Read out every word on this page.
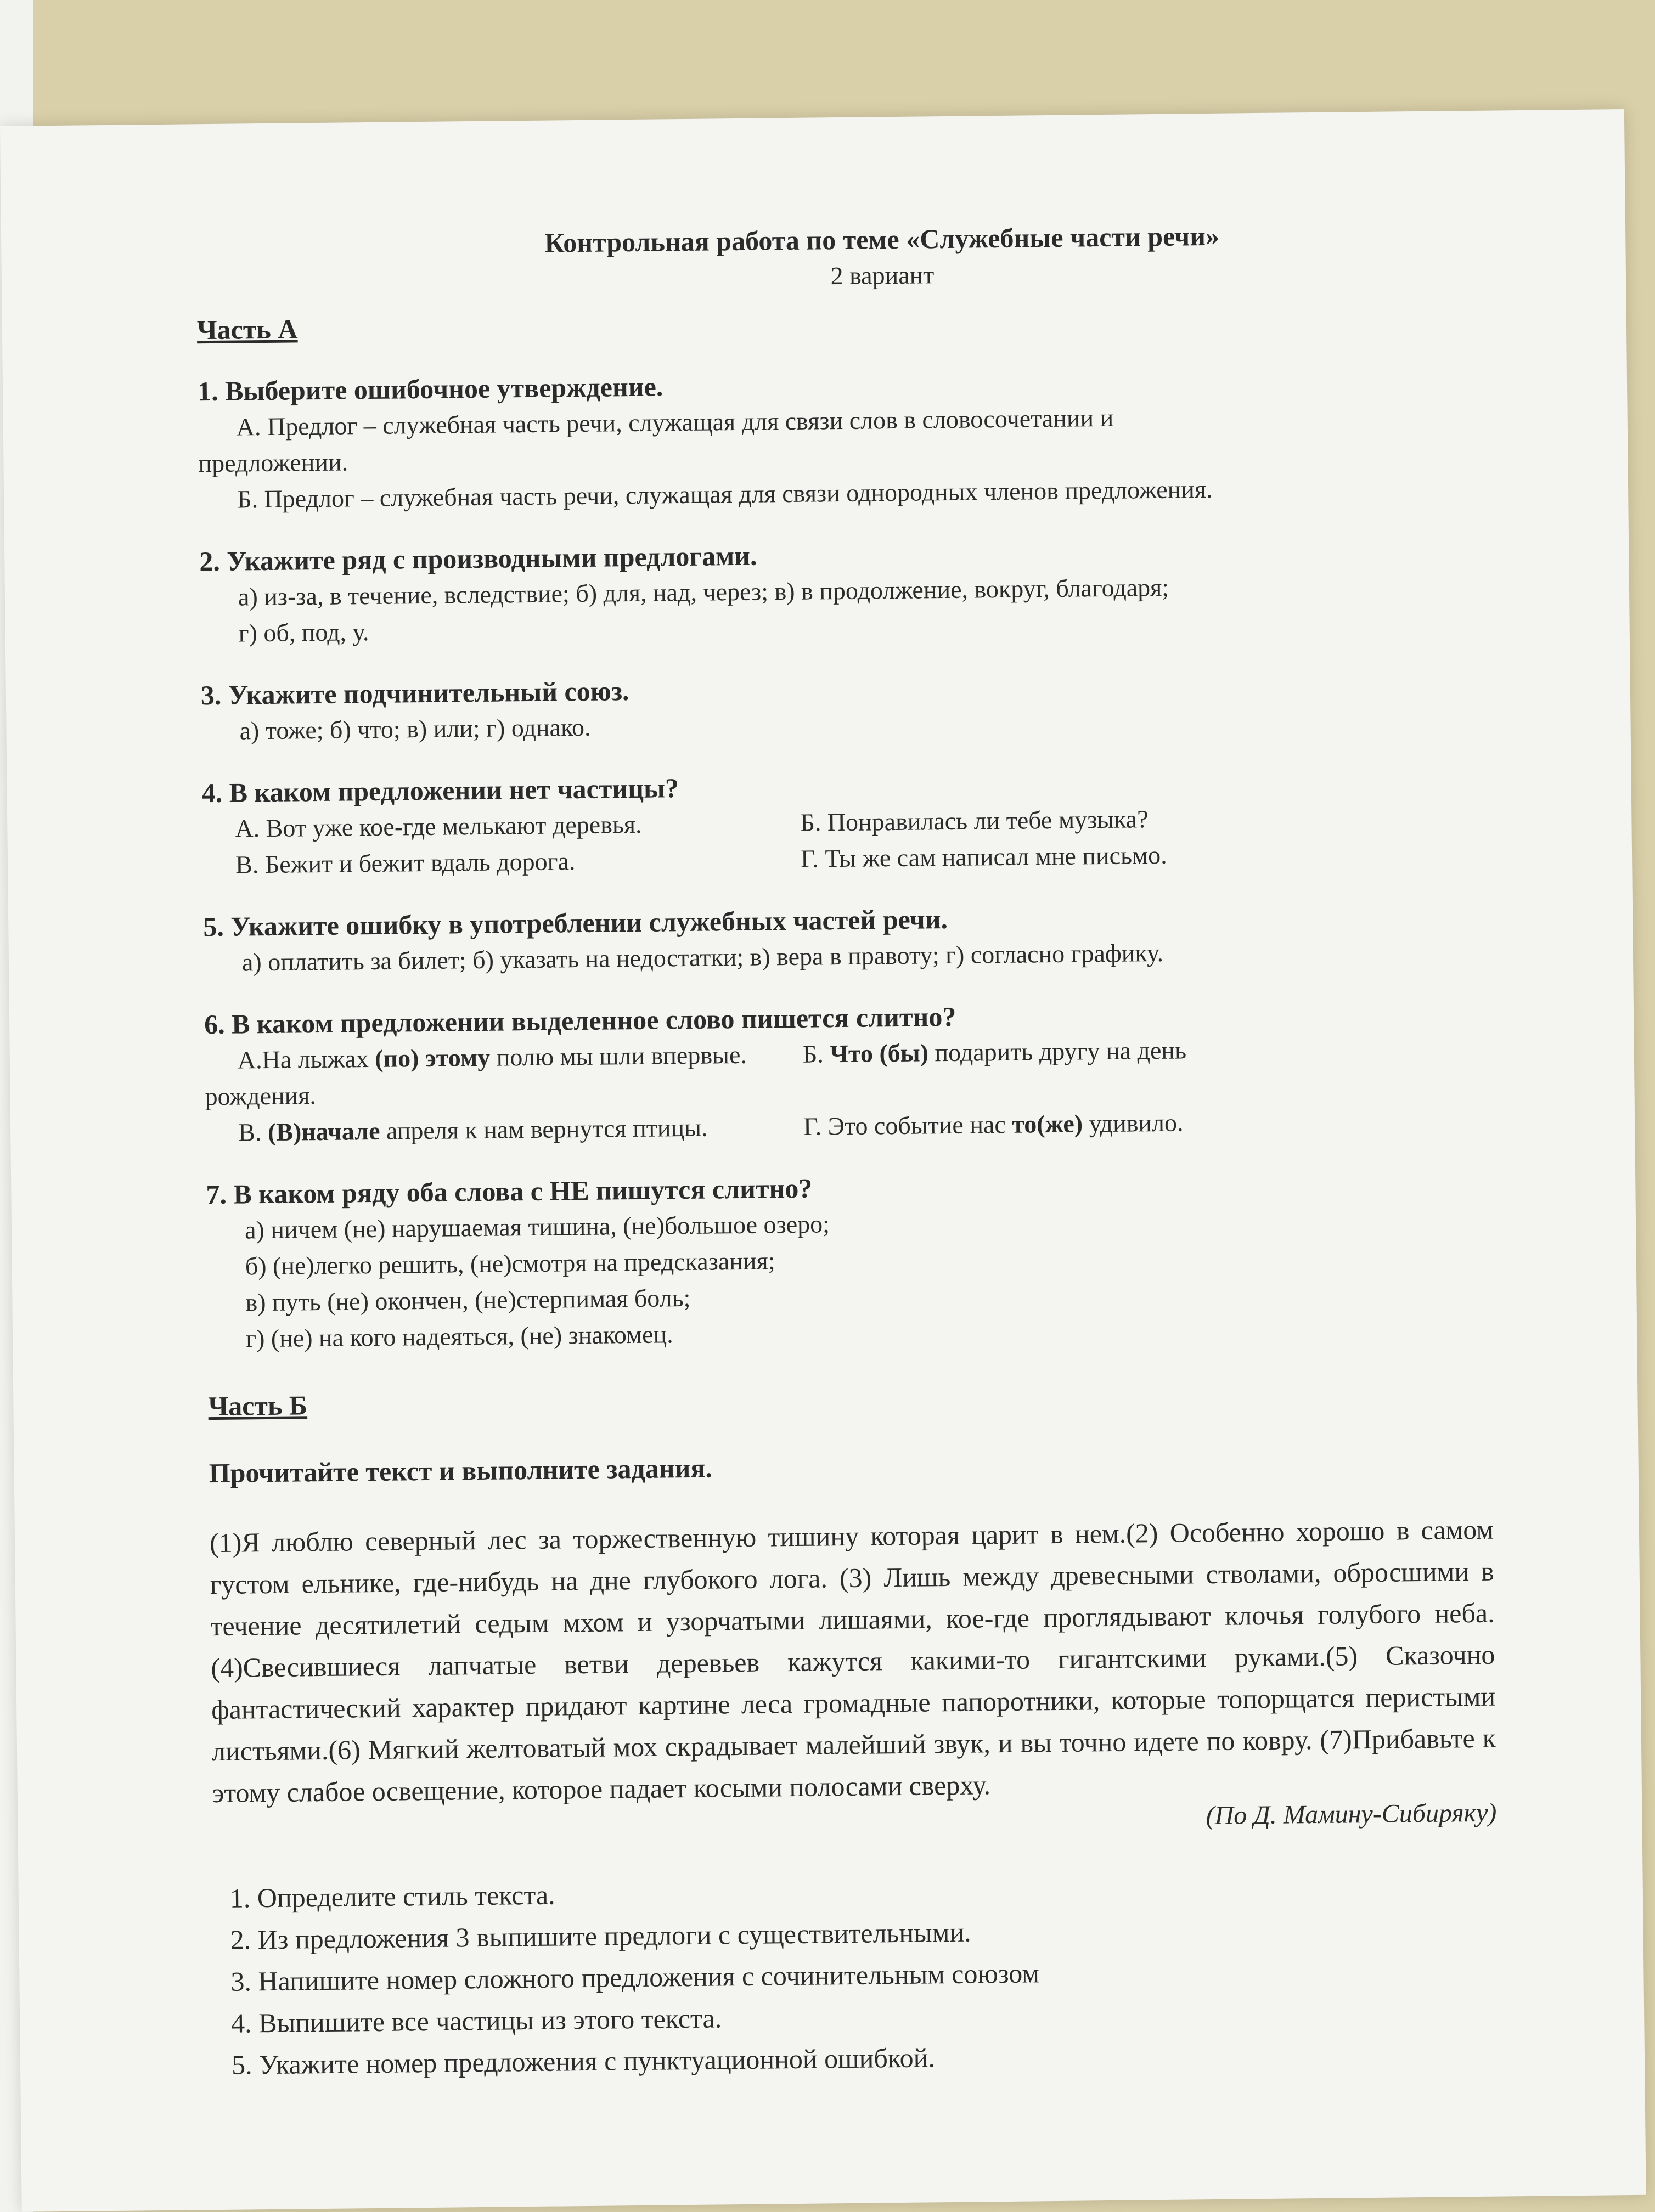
Контрольная работа по теме «Служебные части речи»
2 вариант
Часть А
1. Выберите ошибочное утверждение.
А. Предлог – служебная часть речи, служащая для связи слов в словосочетании и
предложении.
Б. Предлог – служебная часть речи, служащая для связи однородных членов предложения.
2. Укажите ряд с производными предлогами.
а) из-за, в течение, вследствие; б) для, над, через; в) в продолжение, вокруг, благодаря;
г) об, под, у.
3. Укажите подчинительный союз.
а) тоже; б) что; в) или; г) однако.
4. В каком предложении нет частицы?
А. Вот уже кое-где мелькают деревья.	Б. Понравилась ли тебе музыка?
В. Бежит и бежит вдаль дорога.	Г. Ты же сам написал мне письмо.
5. Укажите ошибку в употреблении служебных частей речи.
а) оплатить за билет; б) указать на недостатки; в) вера в правоту; г) согласно графику.
6. В каком предложении выделенное слово пишется слитно?
А.На лыжах (по) этому полю мы шли впервые.	Б. Что (бы) подарить другу на день
рождения.
В. (В)начале апреля к нам вернутся птицы.	Г. Это событие нас то(же) удивило.
7. В каком ряду оба слова с НЕ пишутся слитно?
а) ничем (не) нарушаемая тишина, (не)большое озеро;
б) (не)легко решить, (не)смотря на предсказания;
в) путь (не) окончен, (не)стерпимая боль;
г) (не) на кого надеяться, (не) знакомец.
Часть Б
Прочитайте текст и выполните задания.
(1)Я люблю северный лес за торжественную тишину которая царит в нем.(2) Особенно хорошо в самом густом ельнике, где-нибудь на дне глубокого лога. (3) Лишь между древесными стволами, обросшими в течение десятилетий седым мхом и узорчатыми лишаями, кое-где проглядывают клочья голубого неба. (4)Свесившиеся лапчатые ветви деревьев кажутся какими-то гигантскими руками.(5) Сказочно фантастический характер придают картине леса громадные папоротники, которые топорщатся перистыми листьями.(6) Мягкий желтоватый мох скрадывает малейший звук, и вы точно идете по ковру. (7)Прибавьте к этому слабое освещение, которое падает косыми полосами сверху.
(По Д. Мамину-Сибиряку)
1. Определите стиль текста.
2. Из предложения 3 выпишите предлоги с существительными.
3. Напишите номер сложного предложения с сочинительным союзом
4. Выпишите все частицы из этого текста.
5. Укажите номер предложения с пунктуационной ошибкой.
